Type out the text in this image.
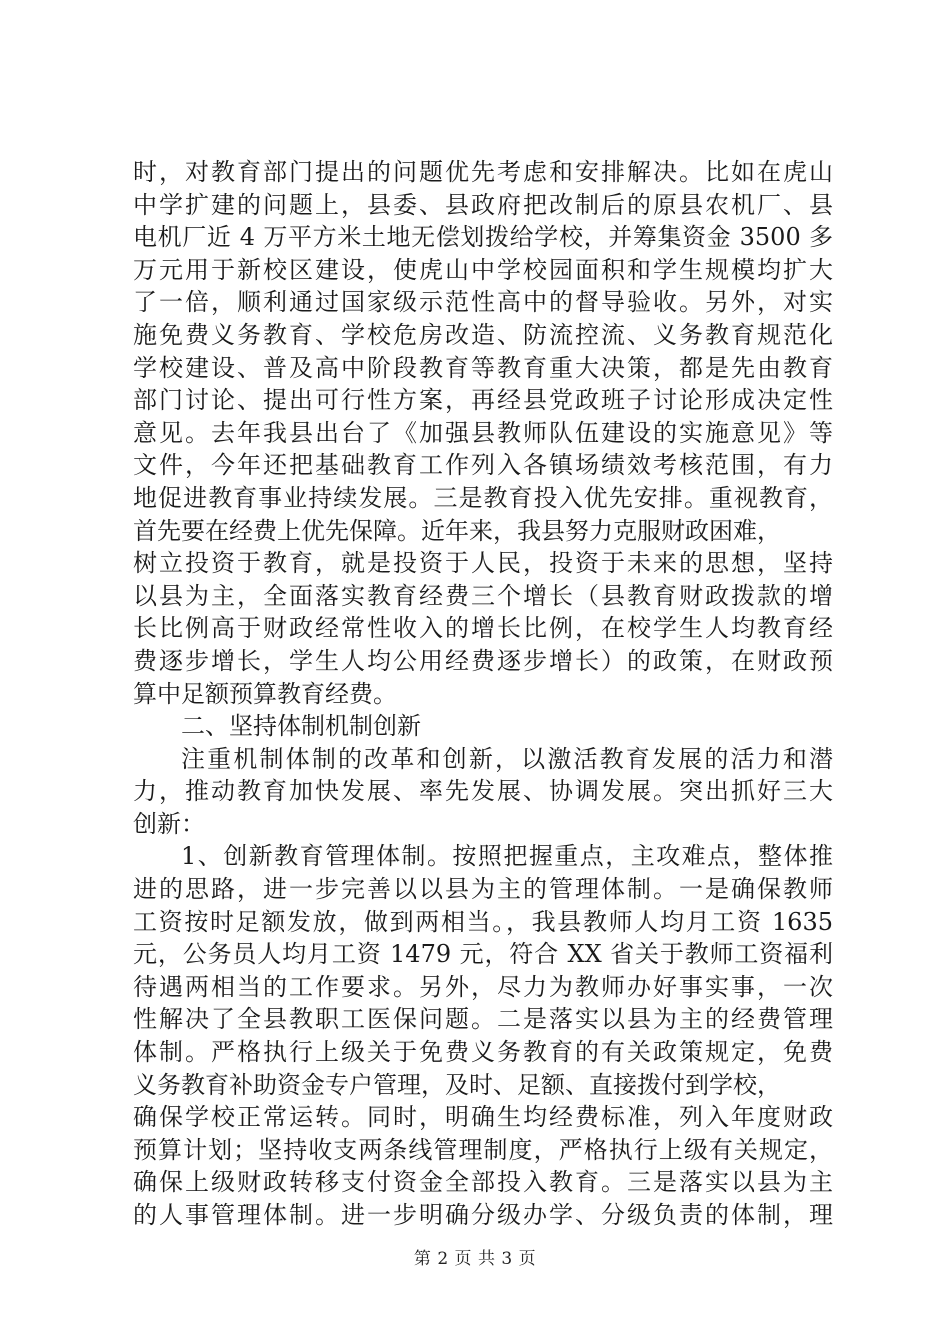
时，对教育部门提出的问题优先考虑和安排解决。比如在虎山
中学扩建的问题上，县委、县政府把改制后的原县农机厂、县
电机厂近 4 万平方米土地无偿划拨给学校，并筹集资金 3500 多
万元用于新校区建设，使虎山中学校园面积和学生规模均扩大
了一倍，顺利通过国家级示范性高中的督导验收。另外，对实
施免费义务教育、学校危房改造、防流控流、义务教育规范化
学校建设、普及高中阶段教育等教育重大决策，都是先由教育
部门讨论、提出可行性方案，再经县党政班子讨论形成决定性
意见。去年我县出台了《加强县教师队伍建设的实施意见》等
文件，今年还把基础教育工作列入各镇场绩效考核范围，有力
地促进教育事业持续发展。三是教育投入优先安排。重视教育，
首先要在经费上优先保障。近年来，我县努力克服财政困难，
树立投资于教育，就是投资于人民，投资于未来的思想，坚持
以县为主，全面落实教育经费三个增长（县教育财政拨款的增
长比例高于财政经常性收入的增长比例，在校学生人均教育经
费逐步增长，学生人均公用经费逐步增长）的政策，在财政预
算中足额预算教育经费。
二、坚持体制机制创新
注重机制体制的改革和创新，以激活教育发展的活力和潜
力，推动教育加快发展、率先发展、协调发展。突出抓好三大
创新：
1、创新教育管理体制。按照把握重点，主攻难点，整体推
进的思路，进一步完善以以县为主的管理体制。一是确保教师
工资按时足额发放，做到两相当。，我县教师人均月工资 1635
元，公务员人均月工资 1479 元，符合 XX 省关于教师工资福利
待遇两相当的工作要求。另外，尽力为教师办好事实事，一次
性解决了全县教职工医保问题。二是落实以县为主的经费管理
体制。严格执行上级关于免费义务教育的有关政策规定，免费
义务教育补助资金专户管理，及时、足额、直接拨付到学校，
确保学校正常运转。同时，明确生均经费标准，列入年度财政
预算计划；坚持收支两条线管理制度，严格执行上级有关规定，
确保上级财政转移支付资金全部投入教育。三是落实以县为主
的人事管理体制。进一步明确分级办学、分级负责的体制，理
第 2 页 共 3 页
